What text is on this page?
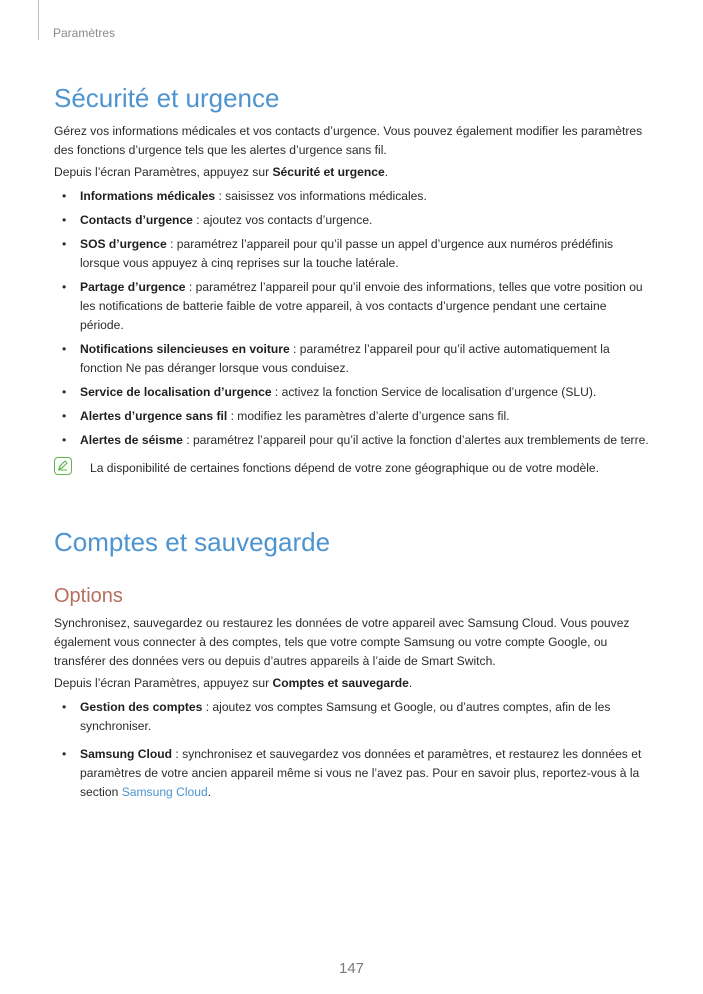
Paramètres
Sécurité et urgence

Gérez vos informations médicales et vos contacts d’urgence. Vous pouvez également modifier les paramètres des fonctions d’urgence tels que les alertes d’urgence sans fil.

Depuis l’écran Paramètres, appuyez sur Sécurité et urgence.

• Informations médicales : saisissez vos informations médicales.
• Contacts d’urgence : ajoutez vos contacts d’urgence.
• SOS d’urgence : paramétrez l’appareil pour qu’il passe un appel d’urgence aux numéros prédéfinis lorsque vous appuyez à cinq reprises sur la touche latérale.
• Partage d’urgence : paramétrez l’appareil pour qu’il envoie des informations, telles que votre position ou les notifications de batterie faible de votre appareil, à vos contacts d’urgence pendant une certaine période.
• Notifications silencieuses en voiture : paramétrez l’appareil pour qu’il active automatiquement la fonction Ne pas déranger lorsque vous conduisez.
• Service de localisation d’urgence : activez la fonction Service de localisation d’urgence (SLU).
• Alertes d’urgence sans fil : modifiez les paramètres d’alerte d’urgence sans fil.
• Alertes de séisme : paramétrez l’appareil pour qu’il active la fonction d’alertes aux tremblements de terre.
La disponibilité de certaines fonctions dépend de votre zone géographique ou de votre modèle.
Comptes et sauvegarde
Options

Synchronisez, sauvegardez ou restaurez les données de votre appareil avec Samsung Cloud. Vous pouvez également vous connecter à des comptes, tels que votre compte Samsung ou votre compte Google, ou transférer des données vers ou depuis d’autres appareils à l’aide de Smart Switch.

Depuis l’écran Paramètres, appuyez sur Comptes et sauvegarde.

• Gestion des comptes : ajoutez vos comptes Samsung et Google, ou d’autres comptes, afin de les synchroniser.
• Samsung Cloud : synchronisez et sauvegardez vos données et paramètres, et restaurez les données et paramètres de votre ancien appareil même si vous ne l’avez pas. Pour en savoir plus, reportez-vous à la section Samsung Cloud.
147
